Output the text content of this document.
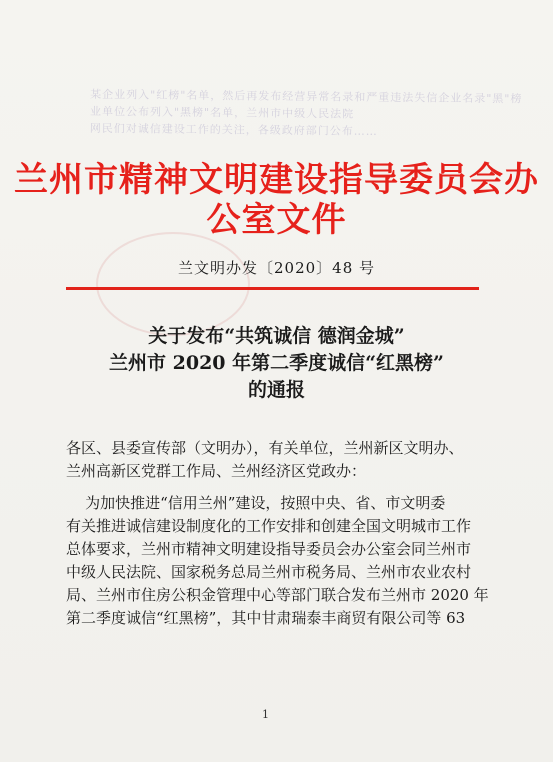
某企业列入"红榜"名单，然后再发布经营异常名录和严重违法失信企业名录"黑"榜
业单位公布列入"黑榜"名单，兰州市中级人民法院
网民们对诚信建设工作的关注，各级政府部门公布……
兰州市精神文明建设指导委员会办公室文件
兰文明办发〔2020〕48 号
关于发布“共筑诚信 德润金城”
兰州市 2020 年第二季度诚信“红黑榜”
的通报

各区、县委宣传部（文明办），有关单位，兰州新区文明办、

兰州高新区党群工作局、兰州经济区党政办：

为加快推进“信用兰州”建设，按照中央、省、市文明委

有关推进诚信建设制度化的工作安排和创建全国文明城市工作

总体要求，兰州市精神文明建设指导委员会办公室会同兰州市

中级人民法院、国家税务总局兰州市税务局、兰州市农业农村

局、兰州市住房公积金管理中心等部门联合发布兰州市 2020 年

第二季度诚信“红黑榜”，其中甘肃瑞泰丰商贸有限公司等 63

1
